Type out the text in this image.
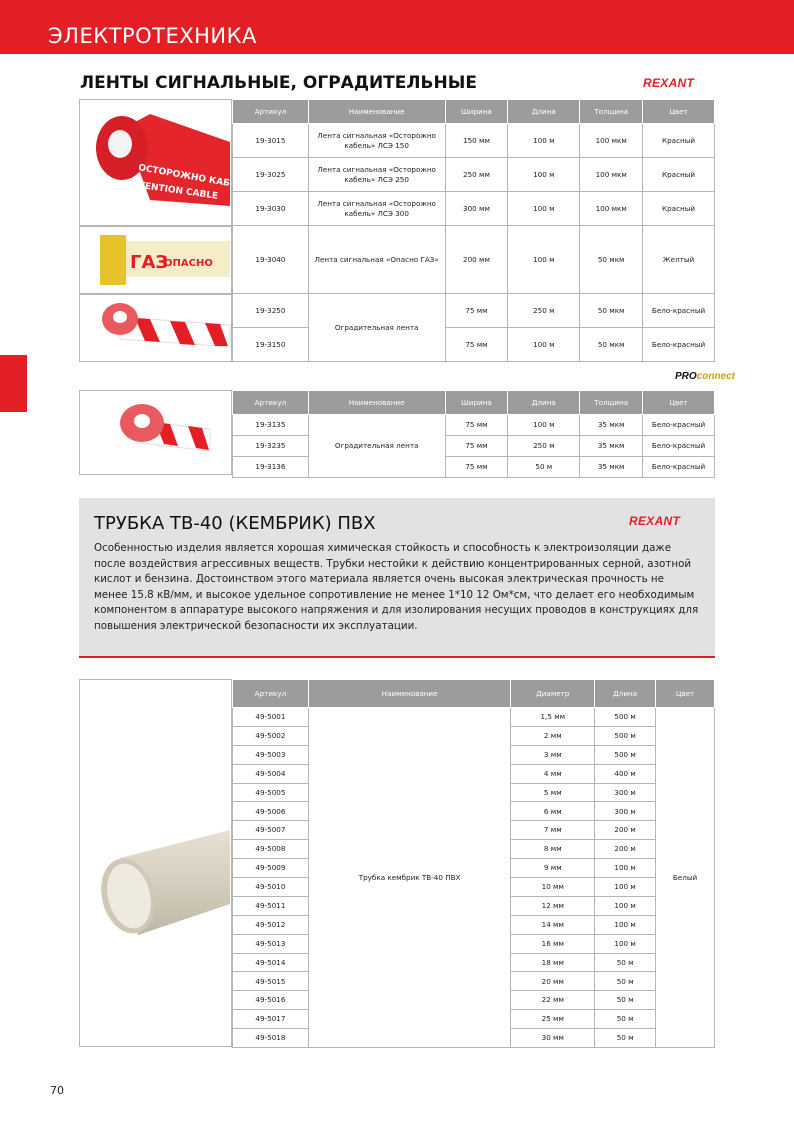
ЭЛЕКТРОТЕХНИКА
ЛЕНТЫ СИГНАЛЬНЫЕ, ОГРАДИТЕЛЬНЫЕ	REXANT
ОСТОРОЖНО КАБЕЛЬ
ATTENTION CABLE
ГАЗ
ОПАСНО
Артикул	Наименование	Ширина	Длина	Толщина	Цвет
19-3015	Лента сигнальная «Осторожно кабель» ЛСЭ 150	150 мм	100 м	100 мкм	Красный
19-3025	Лента сигнальная «Осторожно кабель» ЛСЭ 250	250 мм	100 м	100 мкм	Красный
19-3030	Лента сигнальная «Осторожно кабель» ЛСЭ 300	300 мм	100 м	100 мкм	Красный
19-3040	Лента сигнальная «Опасно ГАЗ»	200 мм	100 м	50 мкм	Желтый
19-3250	Оградительная лента	75 мм	250 м	50 мкм	Бело-красный
19-3150		75 мм	100 м	50 мкм	Бело-красный
PROconnect
Артикул	Наименование	Ширина	Длина	Толщина	Цвет
19-3135	Оградительная лента	75 мм	100 м	35 мкм	Бело-красный
19-3235		75 мм	250 м	35 мкм	Бело-красный
19-3136		75 мм	50 м	35 мкм	Бело-красный
ТРУБКА ТВ-40 (КЕМБРИК) ПВХ	REXANT
Особенностью изделия является хорошая химическая стойкость и способность к электроизоляции даже после воздействия агрессивных веществ. Трубки нестойки к действию концентрированных серной, азотной кислот и бензина. Достоинством этого материала является очень высокая электрическая прочность не менее 15.8 кВ/мм, и высокое удельное сопротивление не менее 1*10 12 Ом*см, что делает его необходимым компонентом в аппаратуре высокого напряжения и для изолирования несущих проводов в конструкциях для повышения электрической безопасности их эксплуатации.
Артикул	Наименование	Диаметр	Длина	Цвет
49-5001	Трубка кембрик ТВ-40 ПВХ	1,5 мм	500 м	Белый
49-5002		2 мм	500 м	
49-5003		3 мм	500 м	
49-5004		4 мм	400 м	
49-5005		5 мм	300 м	
49-5006		6 мм	300 м	
49-5007		7 мм	200 м	
49-5008		8 мм	200 м	
49-5009		9 мм	100 м	
49-5010		10 мм	100 м	
49-5011		12 мм	100 м	
49-5012		14 мм	100 м	
49-5013		16 мм	100 м	
49-5014		18 мм	50 м	
49-5015		20 мм	50 м	
49-5016		22 мм	50 м	
49-5017		25 мм	50 м	
49-5018		30 мм	50 м	
70
